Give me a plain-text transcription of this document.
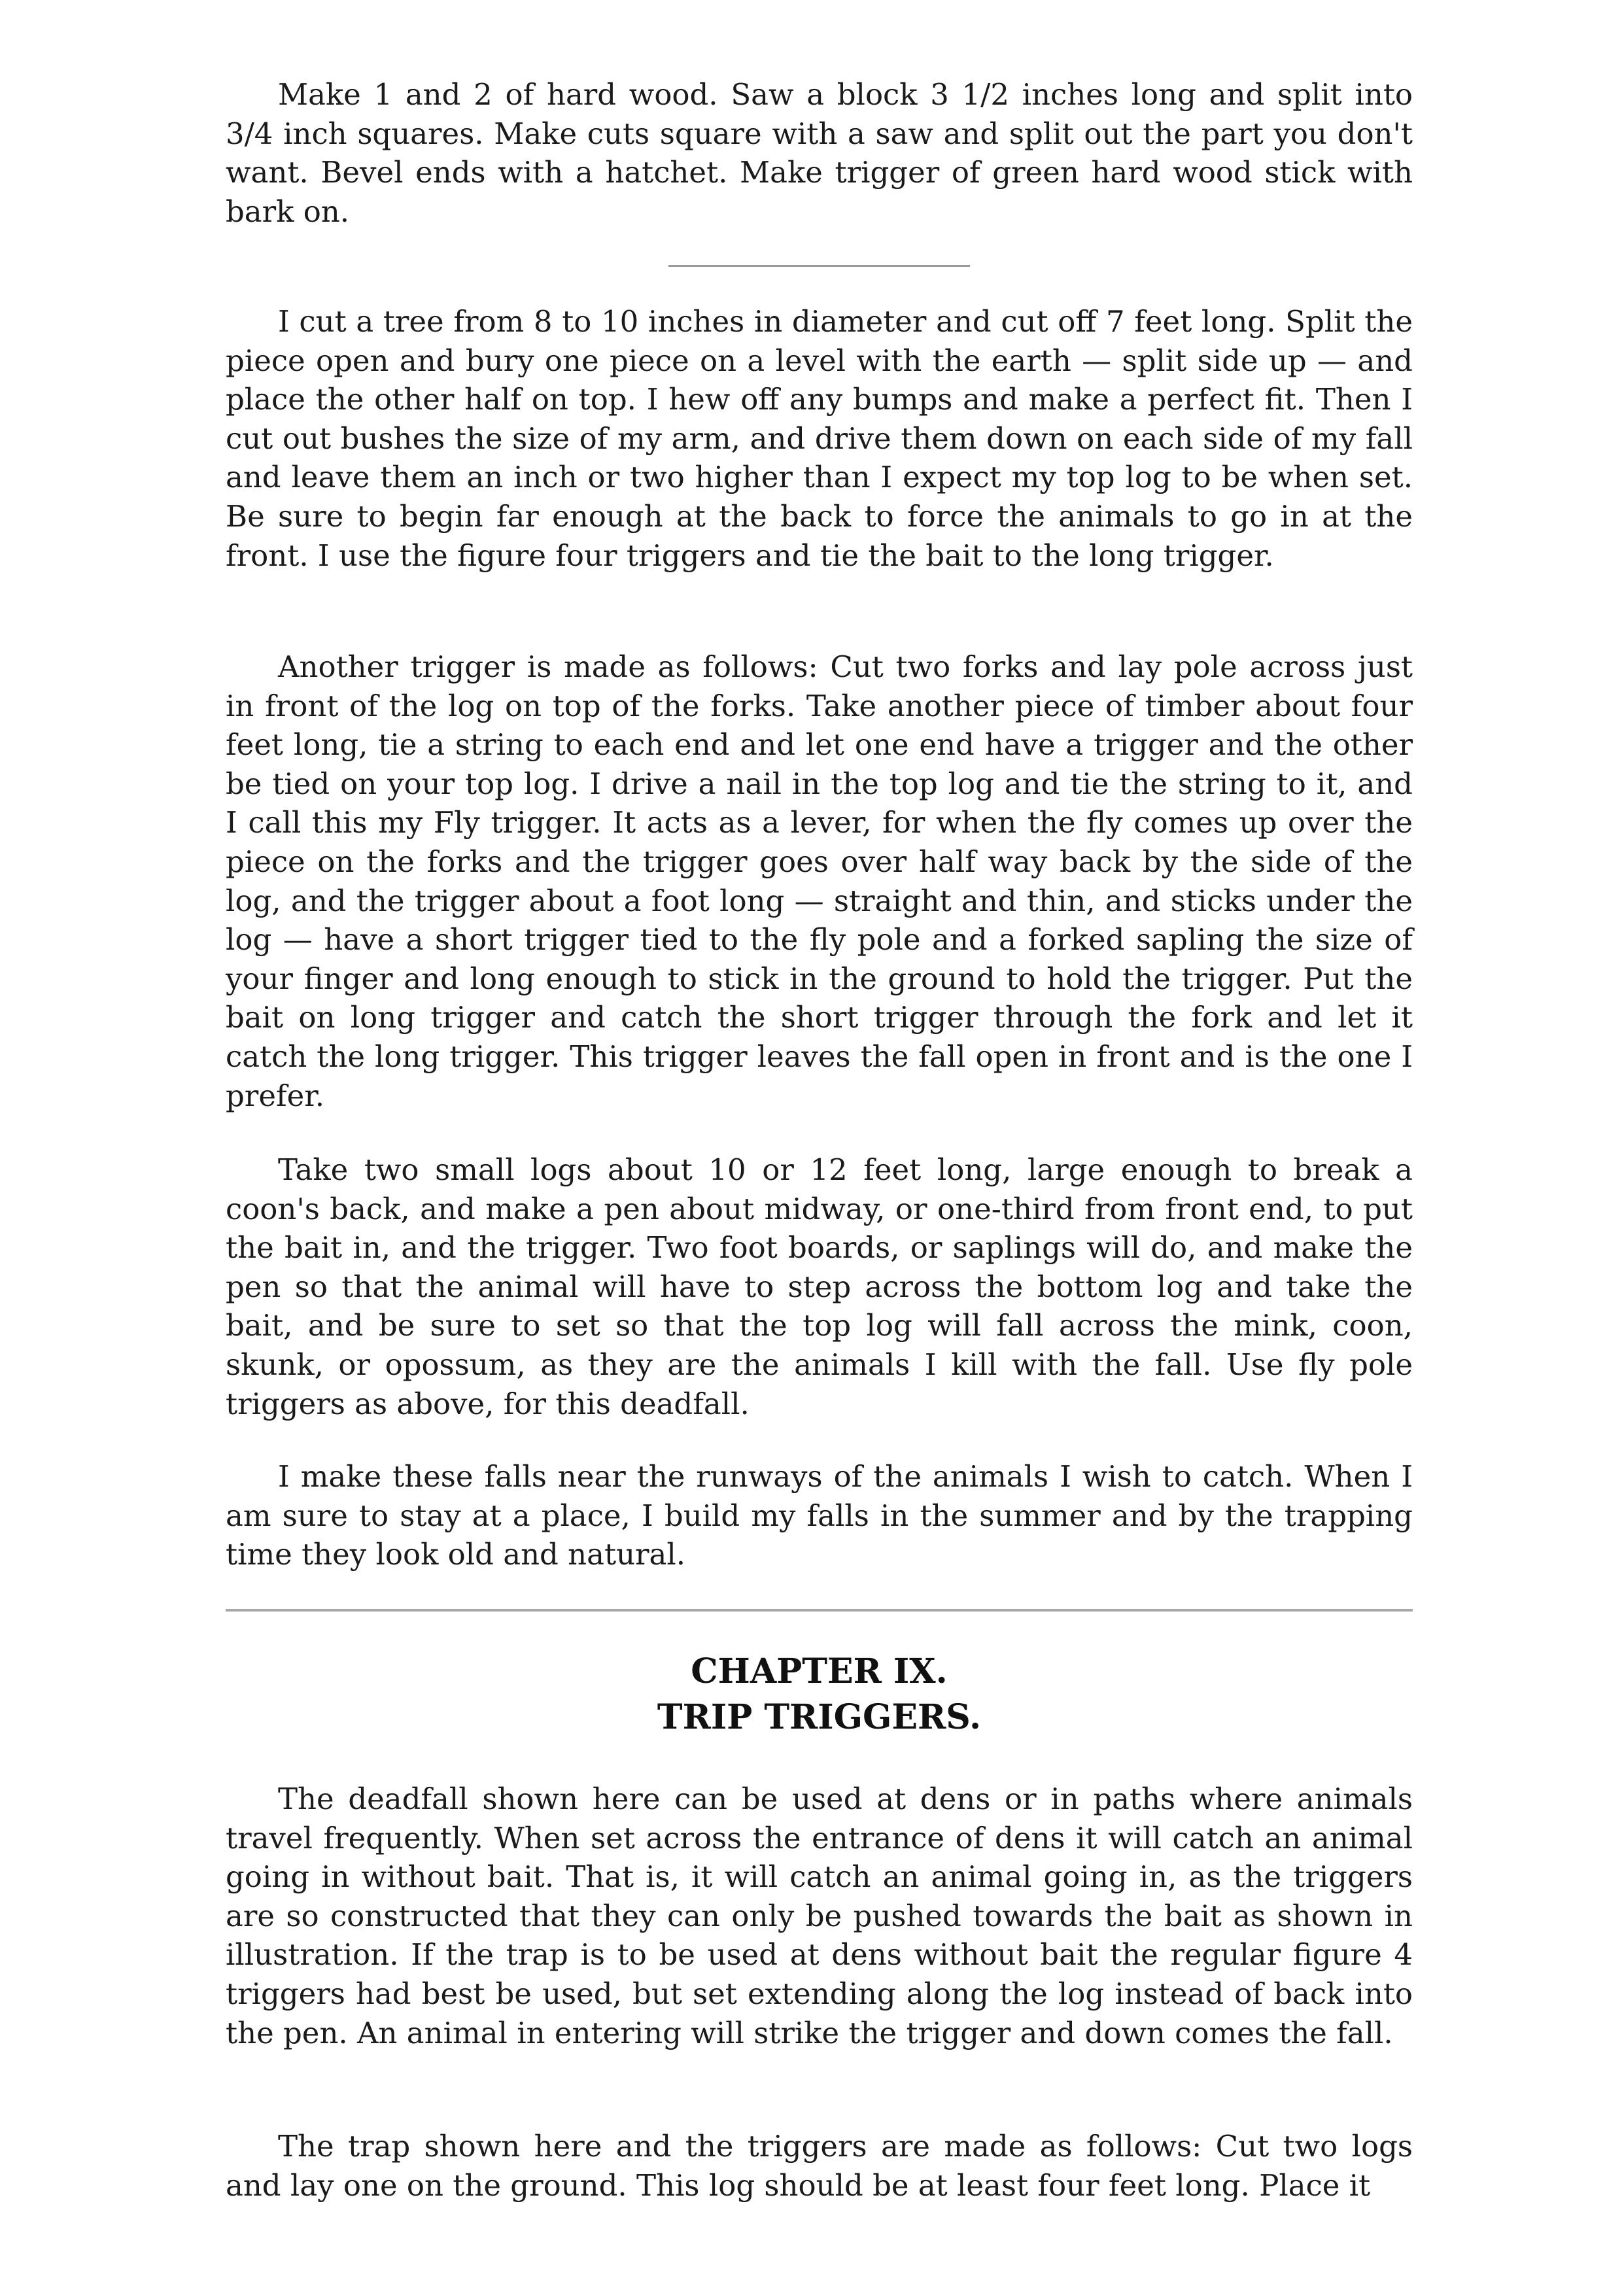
Make 1 and 2 of hard wood. Saw a block 3 1/2 inches long and split into 3/4 inch squares. Make cuts square with a saw and split out the part you don't want. Bevel ends with a hatchet. Make trigger of green hard wood stick with bark on.

I cut a tree from 8 to 10 inches in diameter and cut off 7 feet long. Split the piece open and bury one piece on a level with the earth — split side up — and place the other half on top. I hew off any bumps and make a perfect fit. Then I cut out bushes the size of my arm, and drive them down on each side of my fall and leave them an inch or two higher than I expect my top log to be when set. Be sure to begin far enough at the back to force the animals to go in at the front. I use the figure four triggers and tie the bait to the long trigger.

Another trigger is made as follows: Cut two forks and lay pole across just in front of the log on top of the forks. Take another piece of timber about four feet long, tie a string to each end and let one end have a trigger and the other be tied on your top log. I drive a nail in the top log and tie the string to it, and I call this my Fly trigger. It acts as a lever, for when the fly comes up over the piece on the forks and the trigger goes over half way back by the side of the log, and the trigger about a foot long — straight and thin, and sticks under the log — have a short trigger tied to the fly pole and a forked sapling the size of your finger and long enough to stick in the ground to hold the trigger. Put the bait on long trigger and catch the short trigger through the fork and let it catch the long trigger. This trigger leaves the fall open in front and is the one I prefer.

Take two small logs about 10 or 12 feet long, large enough to break a coon's back, and make a pen about midway, or one-third from front end, to put the bait in, and the trigger. Two foot boards, or saplings will do, and make the pen so that the animal will have to step across the bottom log and take the bait, and be sure to set so that the top log will fall across the mink, coon, skunk, or opossum, as they are the animals I kill with the fall. Use fly pole triggers as above, for this deadfall.

I make these falls near the runways of the animals I wish to catch. When I am sure to stay at a place, I build my falls in the summer and by the trapping time they look old and natural.

CHAPTER IX.
TRIP TRIGGERS.

The deadfall shown here can be used at dens or in paths where animals travel frequently. When set across the entrance of dens it will catch an animal going in without bait. That is, it will catch an animal going in, as the triggers are so constructed that they can only be pushed towards the bait as shown in illustration. If the trap is to be used at dens without bait the regular figure 4 triggers had best be used, but set extending along the log instead of back into the pen. An animal in entering will strike the trigger and down comes the fall.

The trap shown here and the triggers are made as follows: Cut two logs and lay one on the ground. This log should be at least four feet long. Place it
